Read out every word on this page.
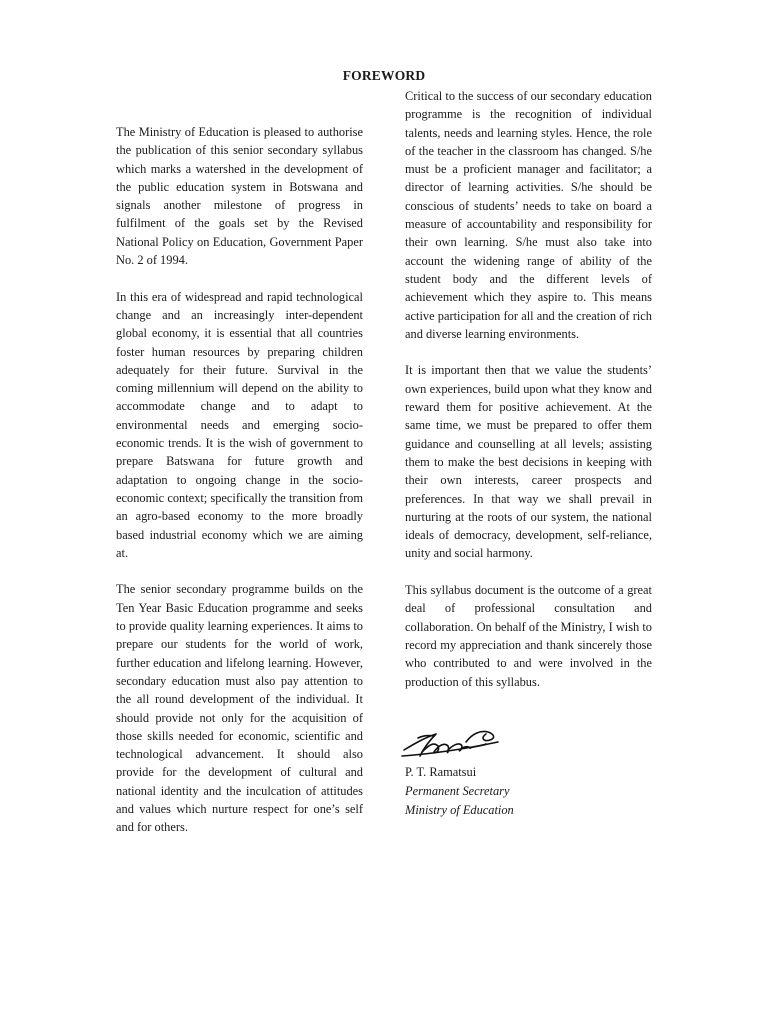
FOREWORD

The Ministry of Education is pleased to authorise the publication of this senior secondary syllabus which marks a watershed in the development of the public education system in Botswana and signals another milestone of progress in fulfilment of the goals set by the Revised National Policy on Education, Government Paper No. 2 of 1994.

In this era of widespread and rapid technological change and an increasingly inter-dependent global economy, it is essential that all countries foster human resources by preparing children adequately for their future. Survival in the coming millennium will depend on the ability to accommodate change and to adapt to environmental needs and emerging socio-economic trends. It is the wish of government to prepare Batswana for future growth and adaptation to ongoing change in the socio-economic context; specifically the transition from an agro-based economy to the more broadly based industrial economy which we are aiming at.

The senior secondary programme builds on the Ten Year Basic Education programme and seeks to provide quality learning experiences. It aims to prepare our students for the world of work, further education and lifelong learning. However, secondary education must also pay attention to the all round development of the individual. It should provide not only for the acquisition of those skills needed for economic, scientific and technological advancement. It should also provide for the development of cultural and national identity and the inculcation of attitudes and values which nurture respect for one’s self and for others.

Critical to the success of our secondary education programme is the recognition of individual talents, needs and learning styles. Hence, the role of the teacher in the classroom has changed. S/he must be a proficient manager and facilitator; a director of learning activities. S/he should be conscious of students’ needs to take on board a measure of accountability and responsibility for their own learning. S/he must also take into account the widening range of ability of the student body and the different levels of achievement which they aspire to. This means active participation for all and the creation of rich and diverse learning environments.

It is important then that we value the students’ own experiences, build upon what they know and reward them for positive achievement. At the same time, we must be prepared to offer them guidance and counselling at all levels; assisting them to make the best decisions in keeping with their own interests, career prospects and preferences. In that way we shall prevail in nurturing at the roots of our system, the national ideals of democracy, development, self-reliance, unity and social harmony.

This syllabus document is the outcome of a great deal of professional consultation and collaboration. On behalf of the Ministry, I wish to record my appreciation and thank sincerely those who contributed to and were involved in the production of this syllabus.

P. T. Ramatsui
Permanent Secretary
Ministry of Education
